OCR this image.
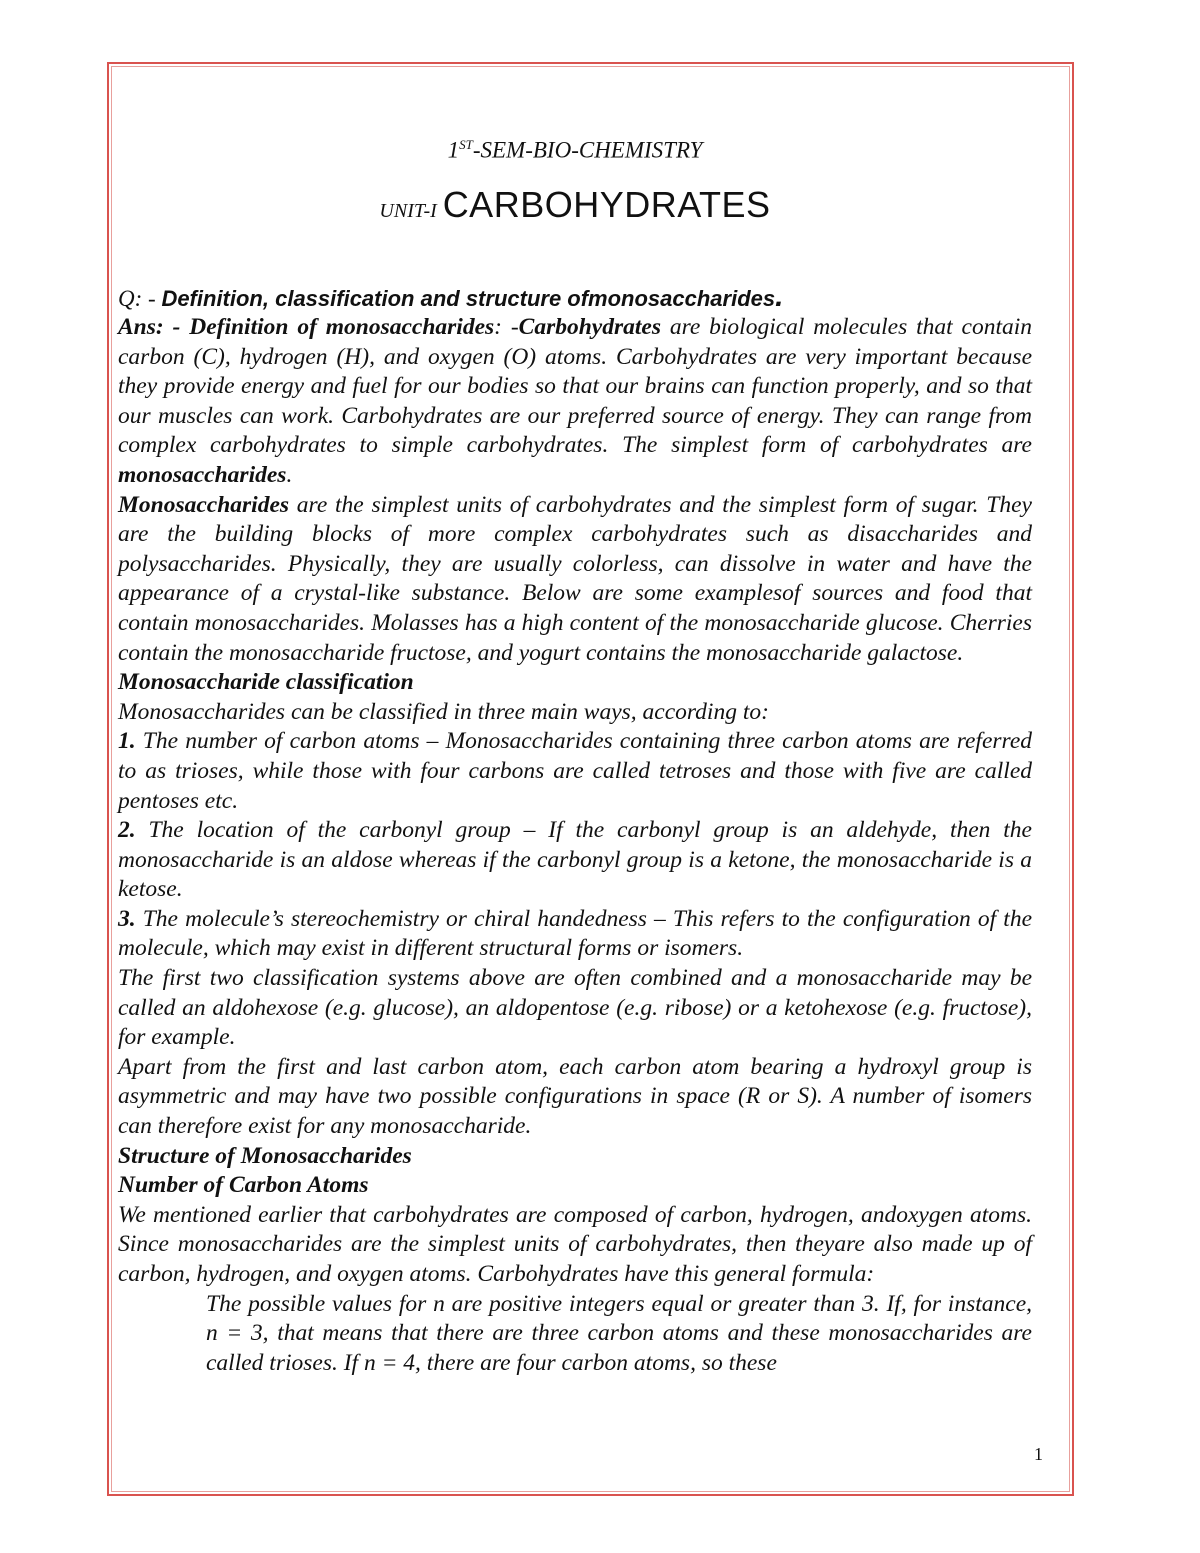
1ST-SEM-BIO-CHEMISTRY
UNIT-I CARBOHYDRATES
Q: - Definition, classification and structure ofmonosaccharides.

Ans: - Definition of monosaccharides: -Carbohydrates are biological molecules that contain carbon (C), hydrogen (H), and oxygen (O) atoms. Carbohydrates are very important because they provide energy and fuel for our bodies so that our brains can function properly, and so that our muscles can work. Carbohydrates are our preferred source of energy. They can range from complex carbohydrates to simple carbohydrates. The simplest form of carbohydrates are monosaccharides.

Monosaccharides are the simplest units of carbohydrates and the simplest form of sugar. They are the building blocks of more complex carbohydrates such as disaccharides and polysaccharides. Physically, they are usually colorless, can dissolve in water and have the appearance of a crystal-like substance. Below are some examplesof sources and food that contain monosaccharides. Molasses has a high content of the monosaccharide glucose. Cherries contain the monosaccharide fructose, and yogurt contains the monosaccharide galactose.

Monosaccharide classification

Monosaccharides can be classified in three main ways, according to:

1. The number of carbon atoms – Monosaccharides containing three carbon atoms are referred to as trioses, while those with four carbons are called tetroses and those with five are called pentoses etc.

2. The location of the carbonyl group – If the carbonyl group is an aldehyde, then the monosaccharide is an aldose whereas if the carbonyl group is a ketone, the monosaccharide is a ketose.

3. The molecule’s stereochemistry or chiral handedness – This refers to the configuration of the molecule, which may exist in different structural forms or isomers.

The first two classification systems above are often combined and a monosaccharide may be called an aldohexose (e.g. glucose), an aldopentose (e.g. ribose) or a ketohexose (e.g. fructose), for example.

Apart from the first and last carbon atom, each carbon atom bearing a hydroxyl group is asymmetric and may have two possible configurations in space (R or S). A number of isomers can therefore exist for any monosaccharide.

Structure of Monosaccharides

Number of Carbon Atoms

We mentioned earlier that carbohydrates are composed of carbon, hydrogen, andoxygen atoms. Since monosaccharides are the simplest units of carbohydrates, then theyare also made up of carbon, hydrogen, and oxygen atoms. Carbohydrates have this general formula:

The possible values for n are positive integers equal or greater than 3. If, for instance, n = 3, that means that there are three carbon atoms and these monosaccharides are called trioses. If n = 4, there are four carbon atoms, so these

1
